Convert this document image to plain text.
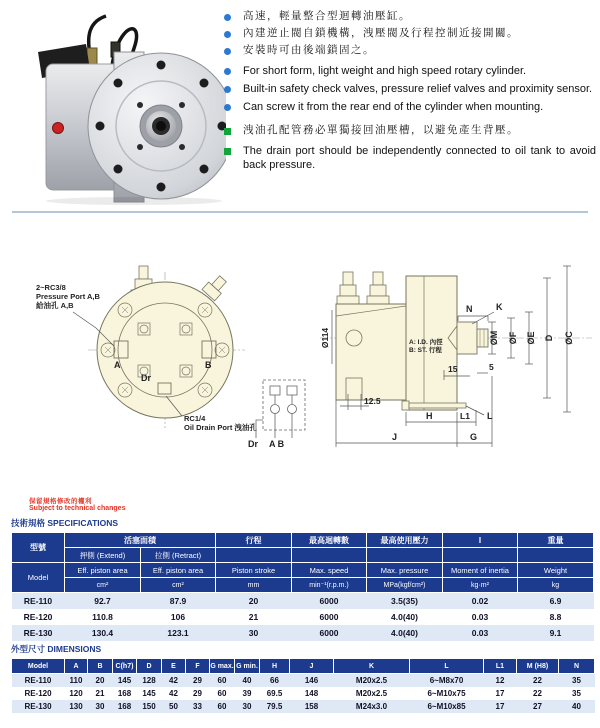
高速，輕量整合型迴轉油壓缸。
內建逆止閥自鎖機構，洩壓閥及行程控制近接開關。
安裝時可由後端鎖固之。
For short form, light weight and high speed rotary cylinder.
Built-in safety check valves, pressure relief valves and proximity sensor.
Can screw it from the rear end of the cylinder when mounting.
洩油孔配管務必單獨接回油壓槽，以避免產生背壓。
The drain port should be independently connected to oil tank to avoid back pressure.
2~RC3/8
Pressure Port A,B
給油孔 A,B
A	B
Dr
RC1/4
Oil Drain Port 洩油孔
Dr A B
Ø114
12.5
N	K
A: I.D. 內徑
B: ST. 行程
ØM ØF ØE D ØC
15	5
H	L1 L
J	G
保留規格修改的權利
Subject to technical changes
技術規格 SPECIFICATIONS
型號	活塞面積		行程	最高迴轉數	最高使用壓力	I	重量
	押側 (Extend)	拉側 (Retract)					
Model	Eff. piston area	Eff. piston area	Piston stroke	Max. speed	Max. pressure	Moment of inertia	Weight
	cm²	cm²	mm	min⁻¹(r.p.m.)	MPa(kgf/cm²)	kg·m²	kg
RE-110	92.7	87.9	20	6000	3.5(35)	0.02	6.9
RE-120	110.8	106	21	6000	4.0(40)	0.03	8.8
RE-130	130.4	123.1	30	6000	4.0(40)	0.03	9.1
外型尺寸 DIMENSIONS
Model	A	B	C(h7)	D	E	F	G max.	G min.	H	J	K	L	L1	M (H8)	N
RE-110	110	20	145	128	42	29	60	40	66	146	M20x2.5	6~M8x70	12	22	35
RE-120	120	21	168	145	42	29	60	39	69.5	148	M20x2.5	6~M10x75	17	22	35
RE-130	130	30	168	150	50	33	60	30	79.5	158	M24x3.0	6~M10x85	17	27	40
